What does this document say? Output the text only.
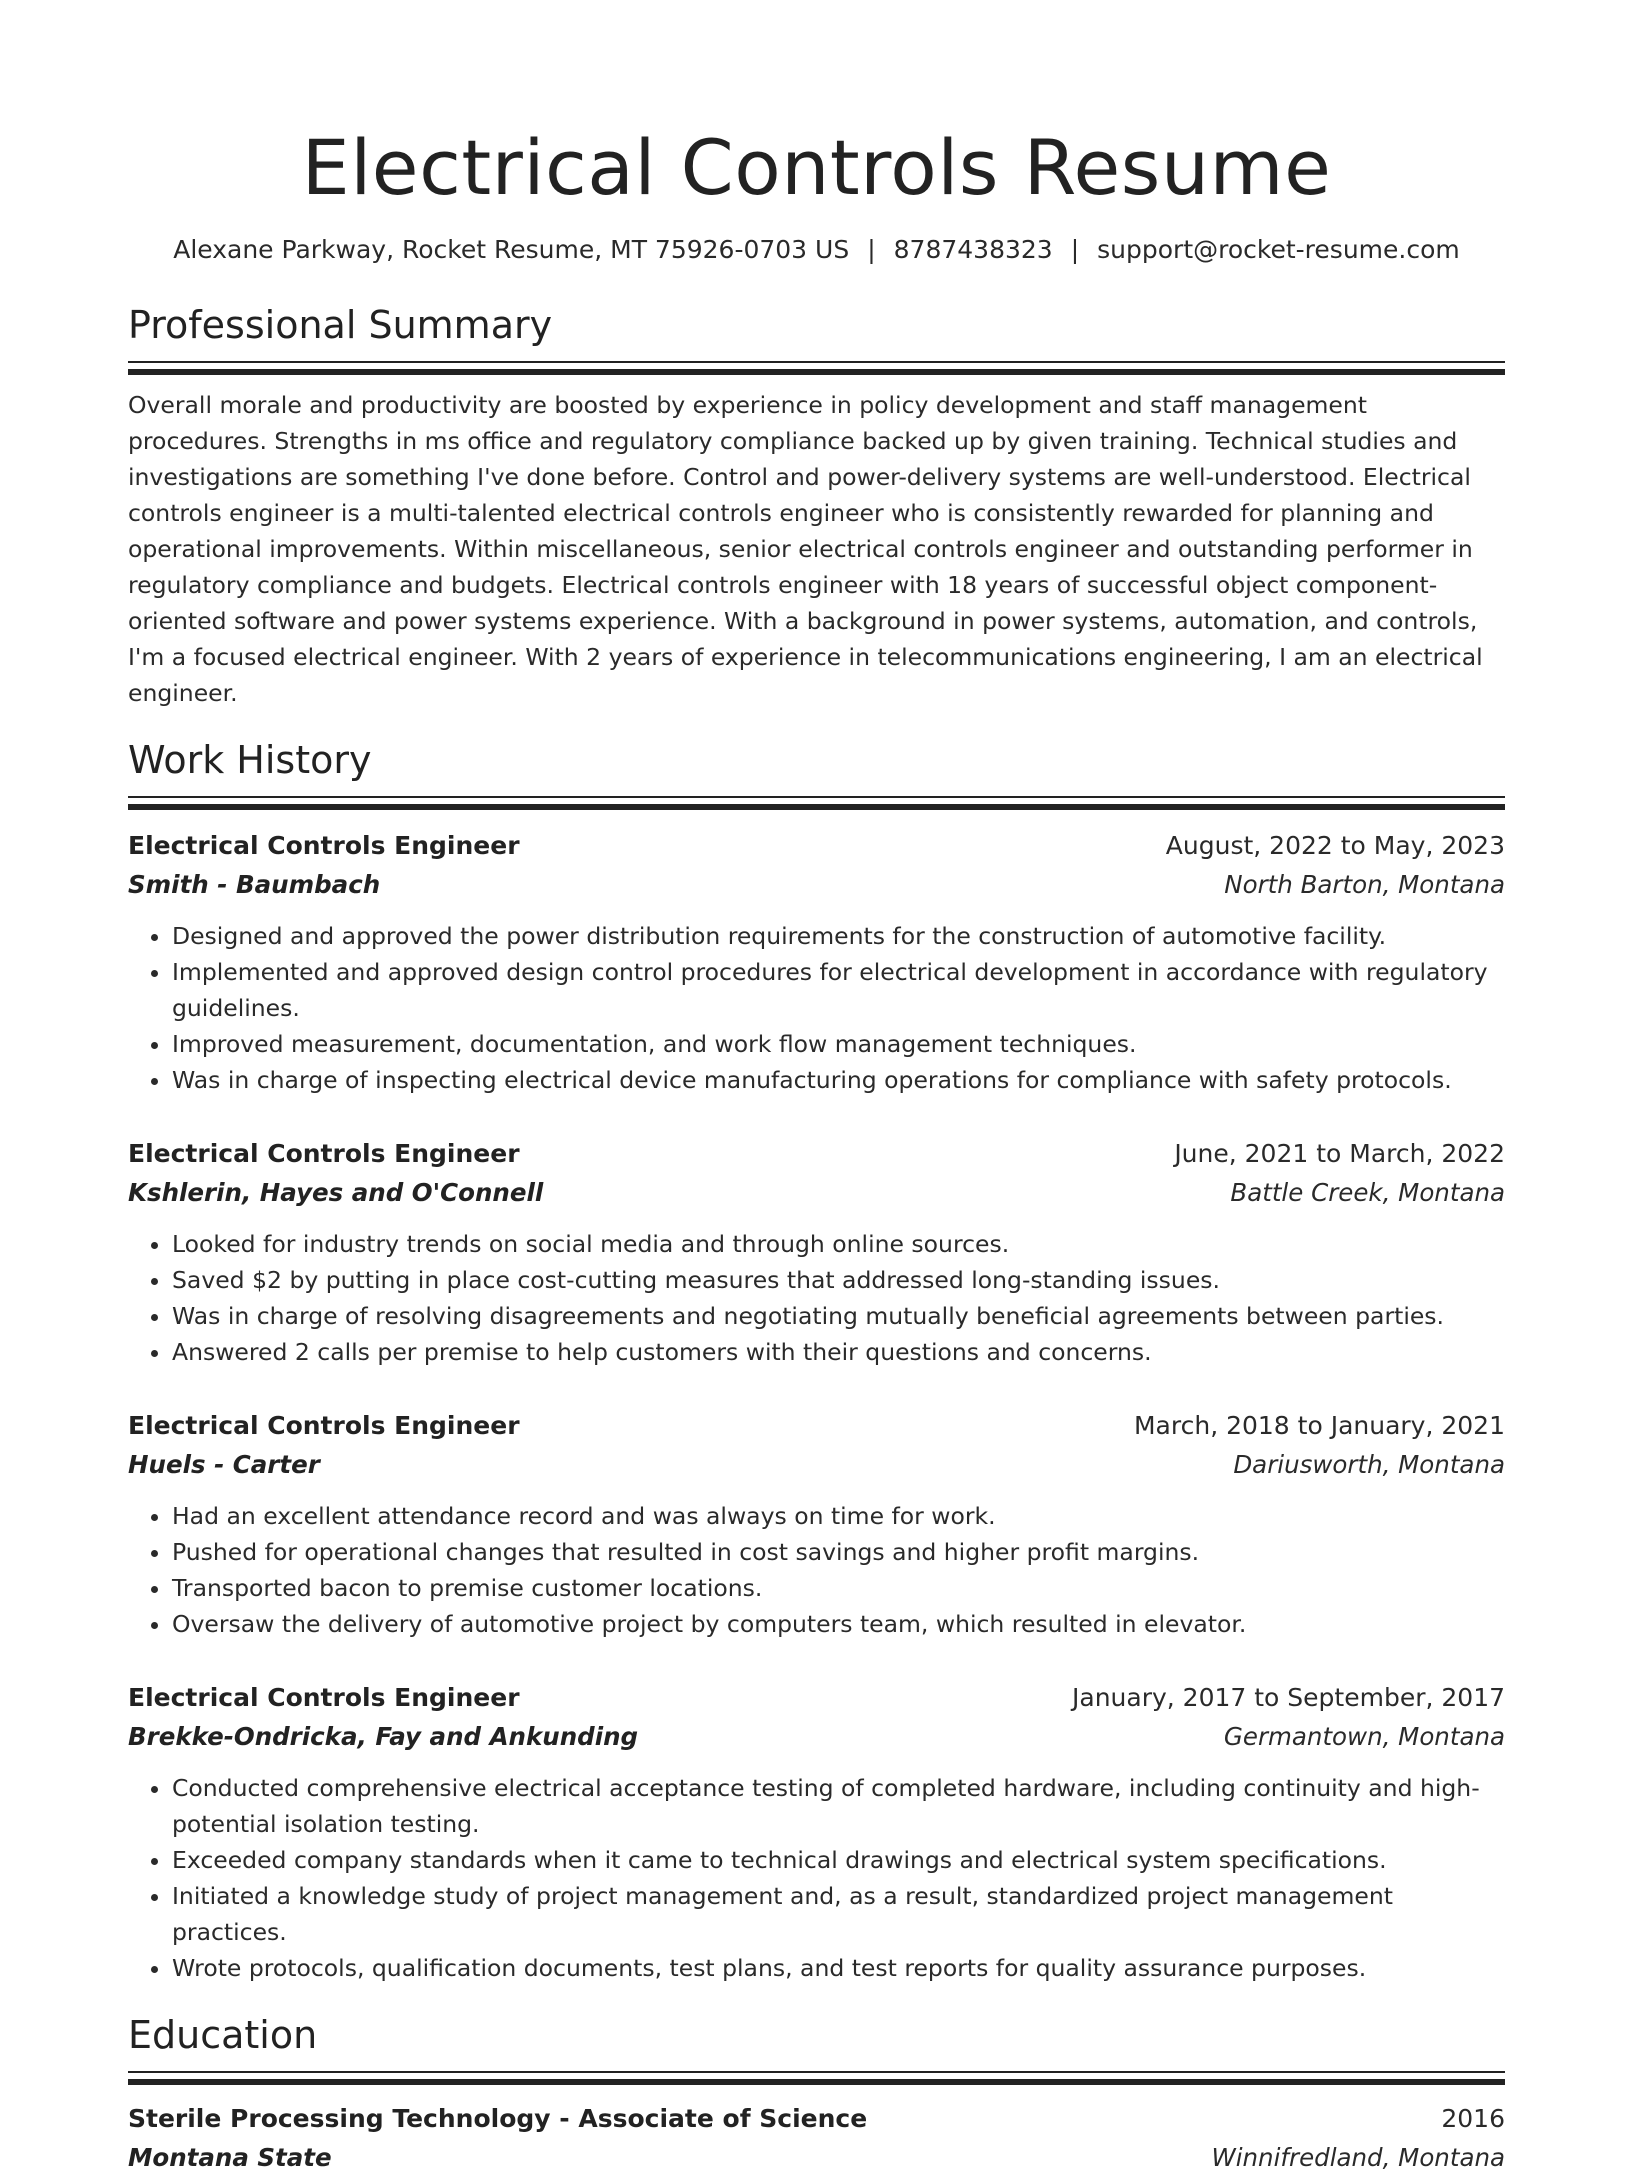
Electrical Controls Resume
Alexane Parkway, Rocket Resume, MT 75926-0703 US | 8787438323 | support@rocket-resume.com
Professional Summary

Overall morale and productivity are boosted by experience in policy development and staff management procedures. Strengths in ms office and regulatory compliance backed up by given training. Technical studies and investigations are something I've done before. Control and power-delivery systems are well-understood. Electrical controls engineer is a multi-talented electrical controls engineer who is consistently rewarded for planning and operational improvements. Within miscellaneous, senior electrical controls engineer and outstanding performer in regulatory compliance and budgets. Electrical controls engineer with 18 years of successful object component-oriented software and power systems experience. With a background in power systems, automation, and controls, I'm a focused electrical engineer. With 2 years of experience in telecommunications engineering, I am an electrical engineer.

Work History
Electrical Controls Engineer	August, 2022 to May, 2023
Smith - Baumbach	North Barton, Montana
• Designed and approved the power distribution requirements for the construction of automotive facility.
• Implemented and approved design control procedures for electrical development in accordance with regulatory guidelines.
• Improved measurement, documentation, and work flow management techniques.
• Was in charge of inspecting electrical device manufacturing operations for compliance with safety protocols.
Electrical Controls Engineer	June, 2021 to March, 2022
Kshlerin, Hayes and O'Connell	Battle Creek, Montana
• Looked for industry trends on social media and through online sources.
• Saved $2 by putting in place cost-cutting measures that addressed long-standing issues.
• Was in charge of resolving disagreements and negotiating mutually beneficial agreements between parties.
• Answered 2 calls per premise to help customers with their questions and concerns.
Electrical Controls Engineer	March, 2018 to January, 2021
Huels - Carter	Dariusworth, Montana
• Had an excellent attendance record and was always on time for work.
• Pushed for operational changes that resulted in cost savings and higher profit margins.
• Transported bacon to premise customer locations.
• Oversaw the delivery of automotive project by computers team, which resulted in elevator.
Electrical Controls Engineer	January, 2017 to September, 2017
Brekke-Ondricka, Fay and Ankunding	Germantown, Montana
• Conducted comprehensive electrical acceptance testing of completed hardware, including continuity and high-potential isolation testing.
• Exceeded company standards when it came to technical drawings and electrical system specifications.
• Initiated a knowledge study of project management and, as a result, standardized project management practices.
• Wrote protocols, qualification documents, test plans, and test reports for quality assurance purposes.
Education
Sterile Processing Technology - Associate of Science	2016
Montana State	Winnifredland, Montana
